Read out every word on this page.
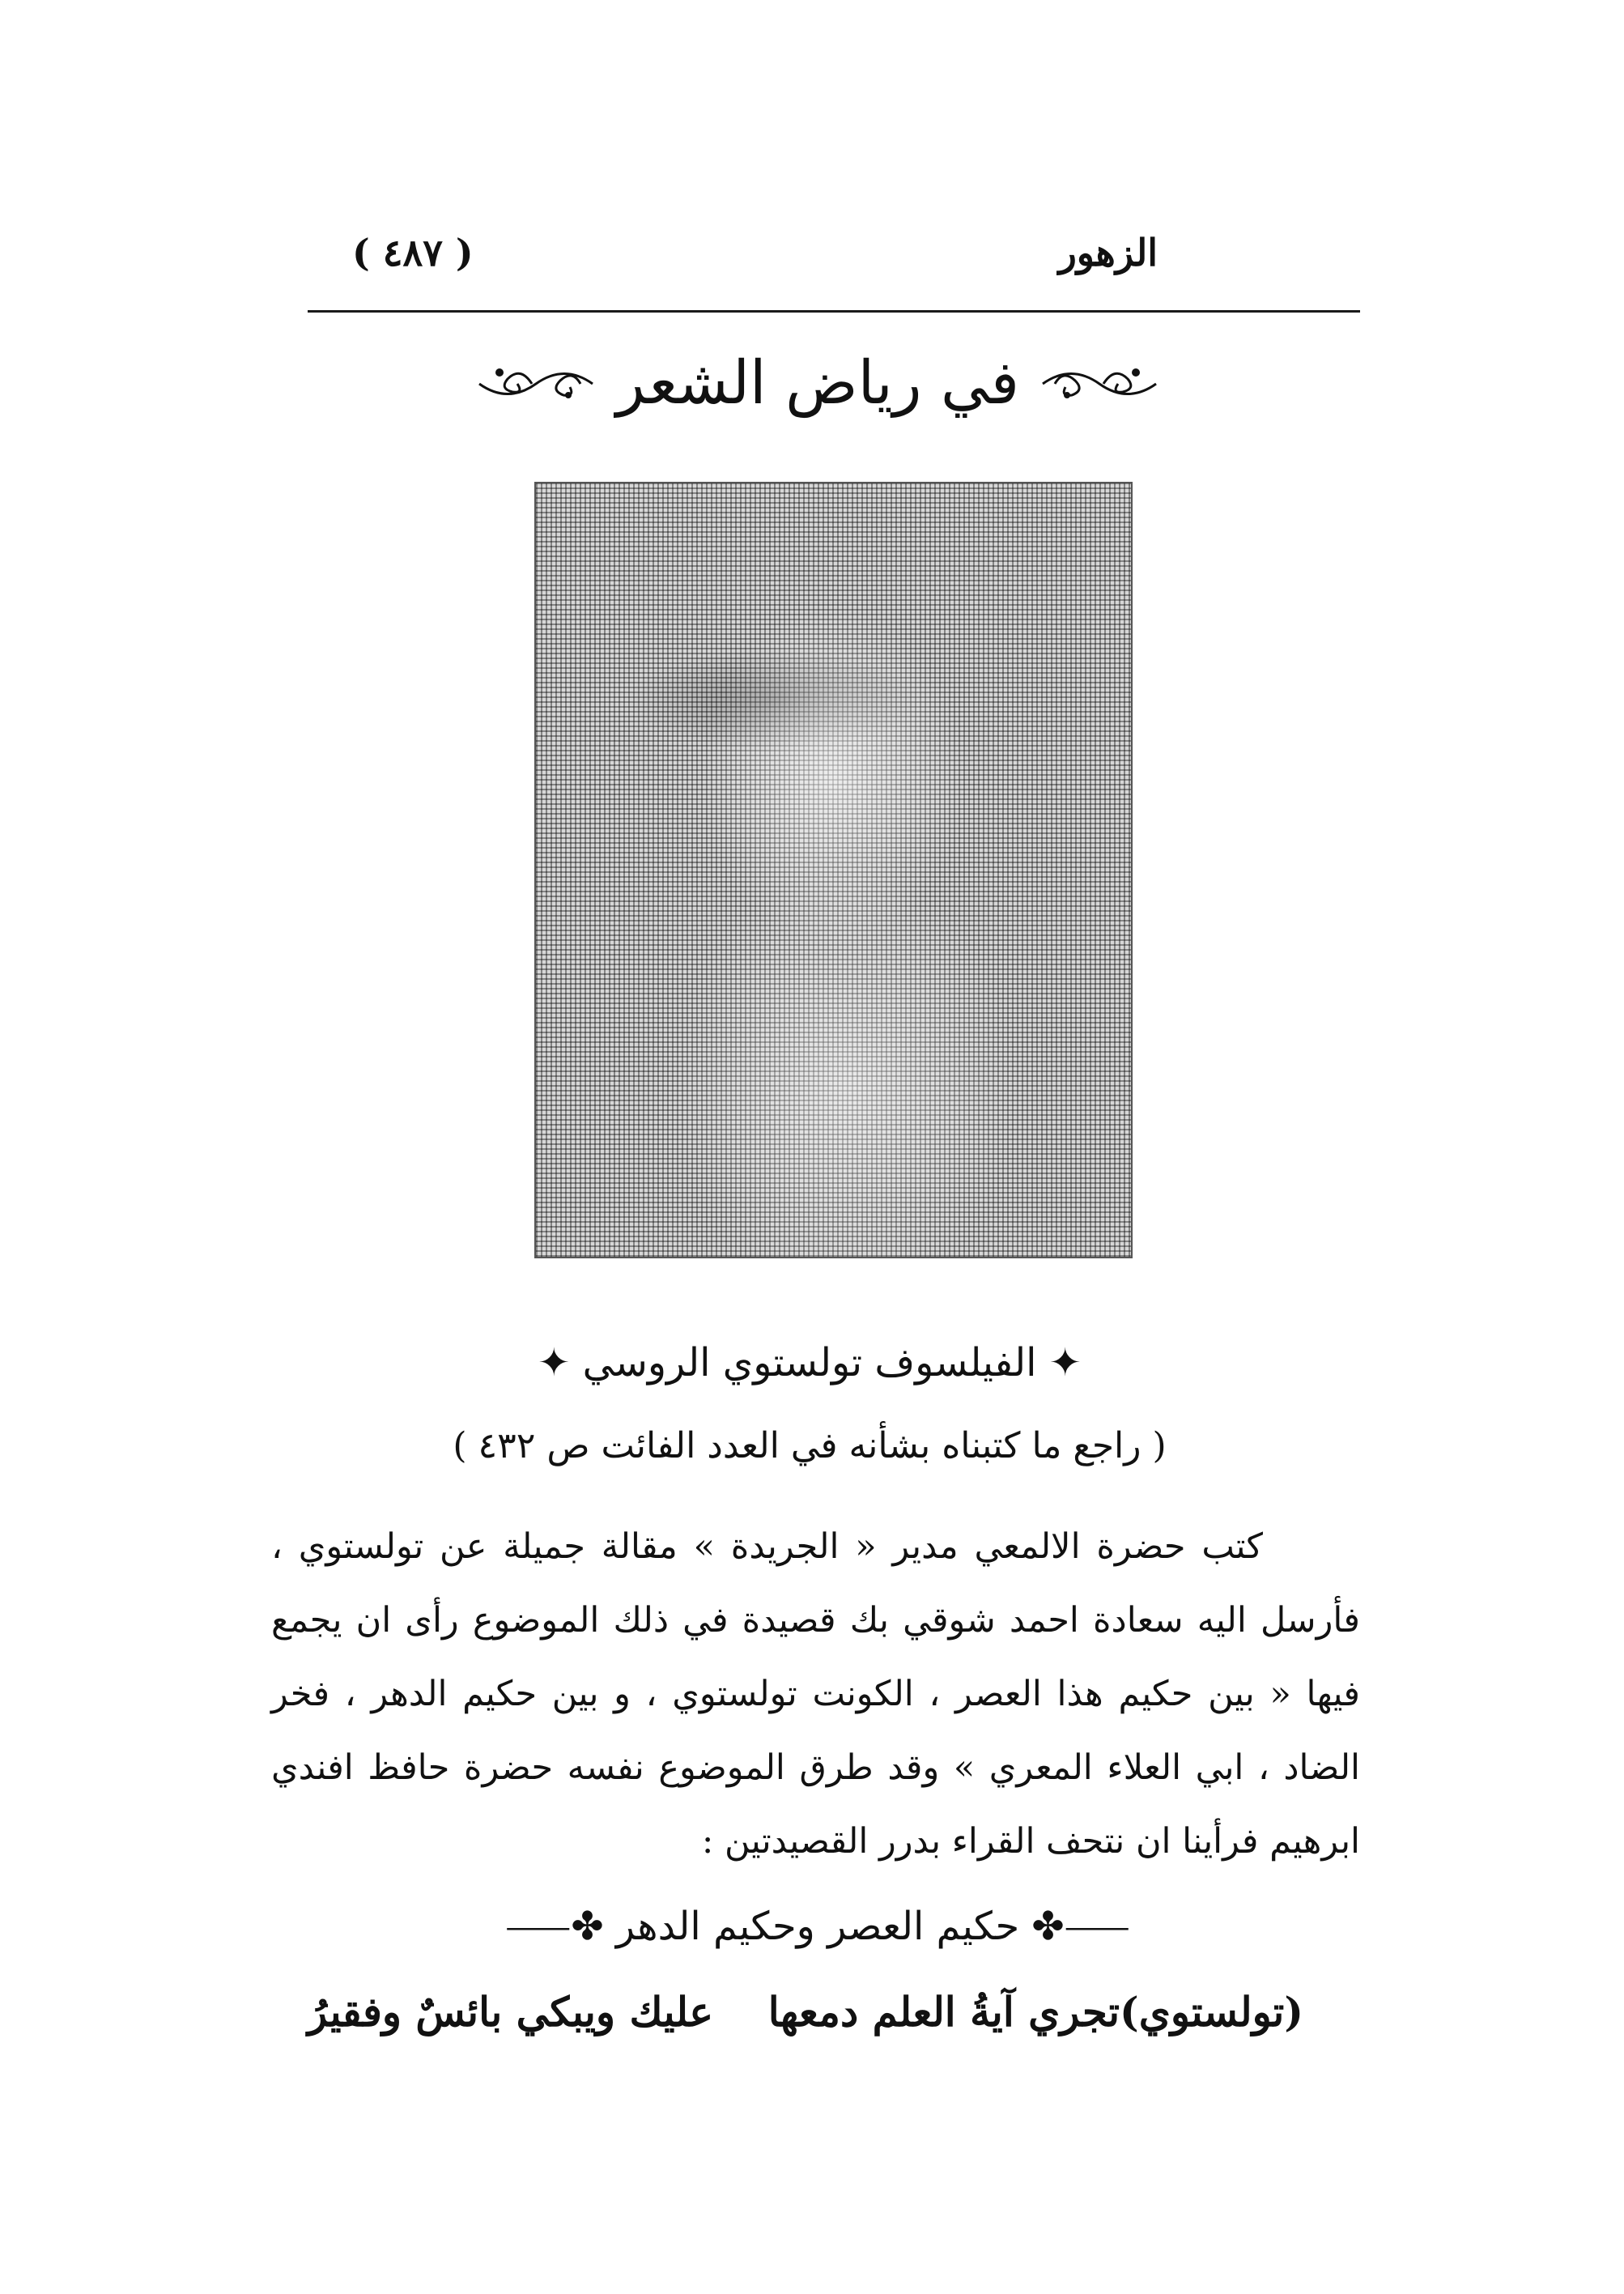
الزهور
( ٤٨٧ )
في رياض الشعر
✦ الفيلسوف تولستوي الروسي ✦
( راجع ما كتبناه بشأنه في العدد الفائت ص ٤٣٢ )

كتب حضرة الالمعي مدير « الجريدة » مقالة جميلة عن تولستوي ، فأرسل اليه سعادة احمد شوقي بك قصيدة في ذلك الموضوع رأى ان يجمع فيها « بين حكيم هذا العصر ، الكونت تولستوي ، و بين حكيم الدهر ، فخر الضاد ، ابي العلاء المعري » وقد طرق الموضوع نفسه حضرة حافظ افندي ابرهيم فرأينا ان نتحف القراء بدرر القصيدتين :

⸺✤ حكيم العصر وحكيم الدهر ✤⸺
(تولستوي)تجري آيةُ العلم دمعها
عليك ويبكي بائسٌ وفقيرُ
